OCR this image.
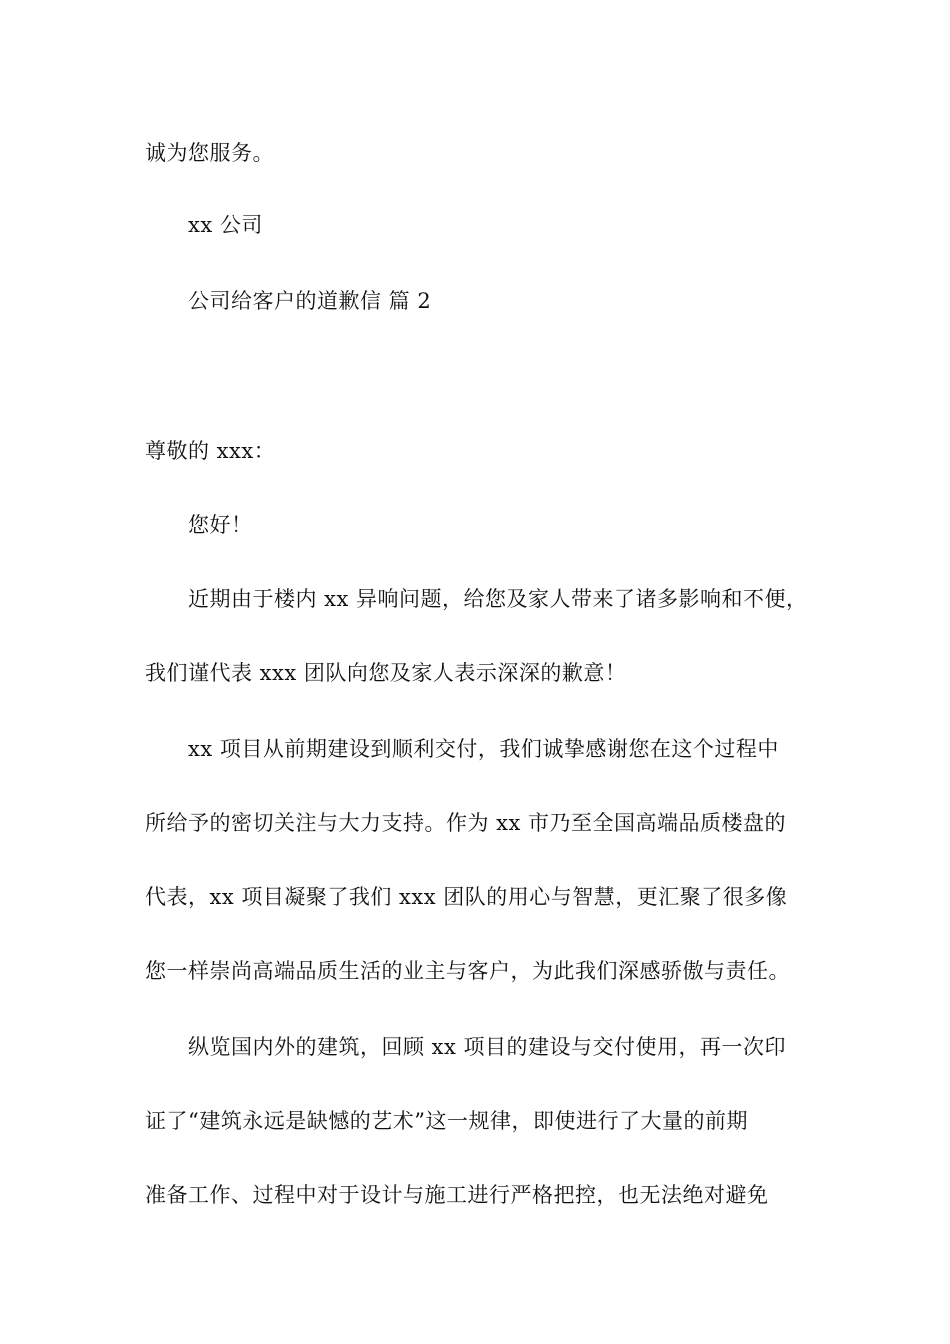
诚为您服务。
xx 公司
公司给客户的道歉信 篇 2
尊敬的 xxx：
您好！
近期由于楼内 xx 异响问题，给您及家人带来了诸多影响和不便，
我们谨代表 xxx 团队向您及家人表示深深的歉意！
xx 项目从前期建设到顺利交付，我们诚挚感谢您在这个过程中
所给予的密切关注与大力支持。作为 xx 市乃至全国高端品质楼盘的
代表，xx 项目凝聚了我们 xxx 团队的用心与智慧，更汇聚了很多像
您一样崇尚高端品质生活的业主与客户，为此我们深感骄傲与责任。
纵览国内外的建筑，回顾 xx 项目的建设与交付使用，再一次印
证了“建筑永远是缺憾的艺术”这一规律，即使进行了大量的前期
准备工作、过程中对于设计与施工进行严格把控，也无法绝对避免
